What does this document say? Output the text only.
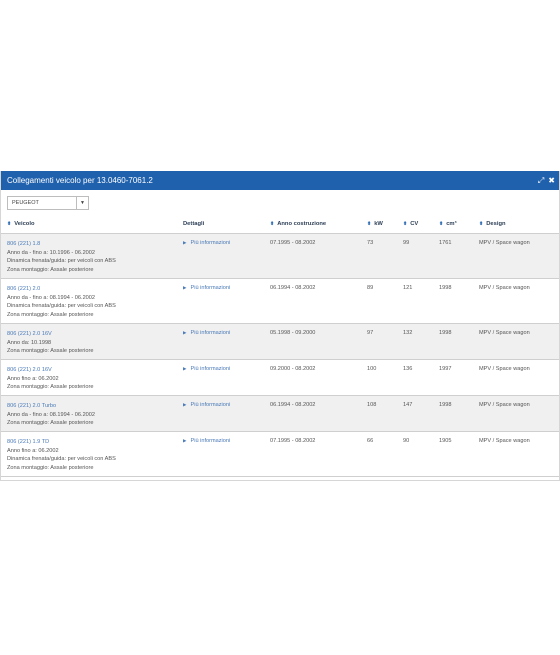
Collegamenti veicolo per 13.0460-7061.2	⤢ ✖
PEUGEOT	▼
⬍ Veicolo	Dettagli	⬍ Anno costruzione	⬍ kW	⬍ CV	⬍ cm³	⬍ Design

806 (221) 1.8
Anno da - fino a: 10.1996 - 06.2002
Dinamica frenata/guida: per veicoli con ABS
Zona montaggio: Assale posteriore	▶ Più informazioni	07.1995 - 08.2002	73	99	1761	MPV / Space wagon

806 (221) 2.0
Anno da - fino a: 08.1994 - 06.2002
Dinamica frenata/guida: per veicoli con ABS
Zona montaggio: Assale posteriore	▶ Più informazioni	06.1994 - 08.2002	89	121	1998	MPV / Space wagon

806 (221) 2.0 16V
Anno da: 10.1998
Zona montaggio: Assale posteriore	▶ Più informazioni	05.1998 - 09.2000	97	132	1998	MPV / Space wagon

806 (221) 2.0 16V
Anno fino a: 06.2002
Zona montaggio: Assale posteriore	▶ Più informazioni	09.2000 - 08.2002	100	136	1997	MPV / Space wagon

806 (221) 2.0 Turbo
Anno da - fino a: 08.1994 - 06.2002
Zona montaggio: Assale posteriore	▶ Più informazioni	06.1994 - 08.2002	108	147	1998	MPV / Space wagon

806 (221) 1.9 TD
Anno fino a: 06.2002
Dinamica frenata/guida: per veicoli con ABS
Zona montaggio: Assale posteriore	▶ Più informazioni	07.1995 - 08.2002	66	90	1905	MPV / Space wagon
